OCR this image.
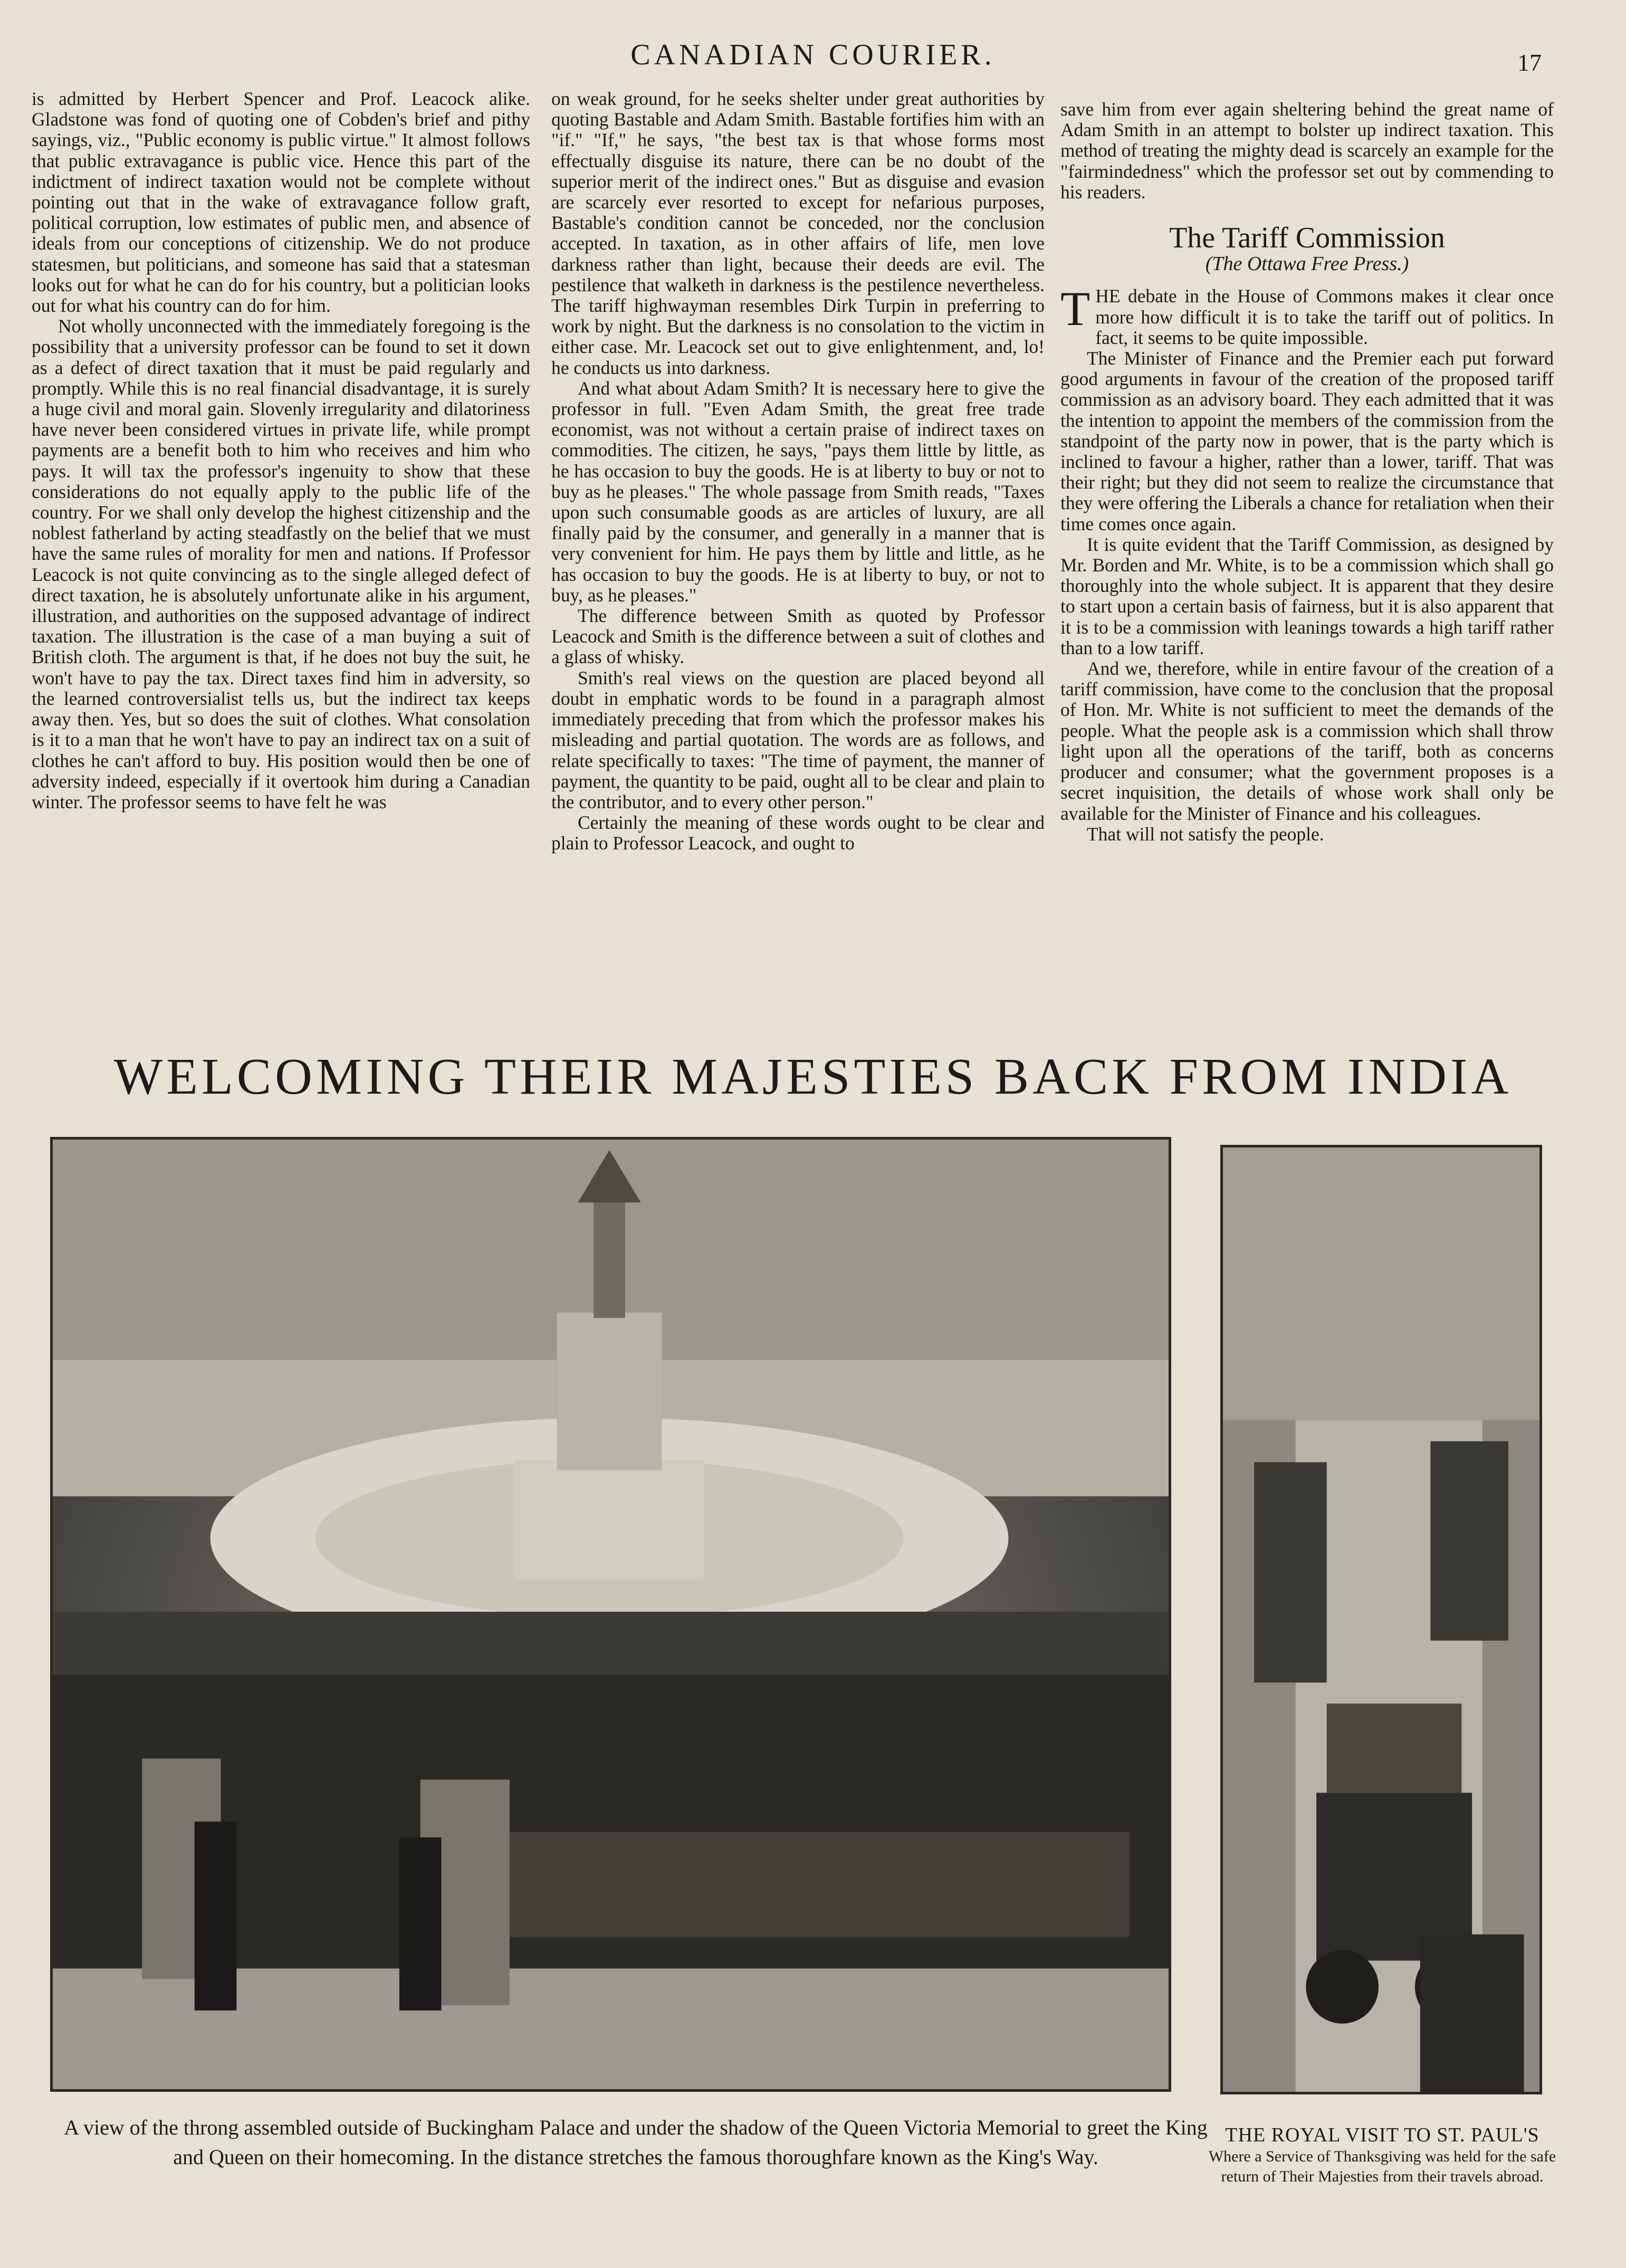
CANADIAN COURIER.	17

is admitted by Herbert Spencer and Prof. Leacock alike. Gladstone was fond of quoting one of Cobden's brief and pithy sayings, viz., "Public economy is public virtue." It almost follows that public extravagance is public vice. Hence this part of the indictment of indirect taxation would not be complete without pointing out that in the wake of extravagance follow graft, political corruption, low estimates of public men, and absence of ideals from our conceptions of citizenship. We do not produce statesmen, but politicians, and someone has said that a statesman looks out for what he can do for his country, but a politician looks out for what his country can do for him.

Not wholly unconnected with the immediately foregoing is the possibility that a university professor can be found to set it down as a defect of direct taxation that it must be paid regularly and promptly. While this is no real financial disadvantage, it is surely a huge civil and moral gain. Slovenly irregularity and dilatoriness have never been considered virtues in private life, while prompt payments are a benefit both to him who receives and him who pays. It will tax the professor's ingenuity to show that these considerations do not equally apply to the public life of the country. For we shall only develop the highest citizenship and the noblest fatherland by acting steadfastly on the belief that we must have the same rules of morality for men and nations. If Professor Leacock is not quite convincing as to the single alleged defect of direct taxation, he is absolutely unfortunate alike in his argument, illustration, and authorities on the supposed advantage of indirect taxation. The illustration is the case of a man buying a suit of British cloth. The argument is that, if he does not buy the suit, he won't have to pay the tax. Direct taxes find him in adversity, so the learned controversialist tells us, but the indirect tax keeps away then. Yes, but so does the suit of clothes. What consolation is it to a man that he won't have to pay an indirect tax on a suit of clothes he can't afford to buy. His position would then be one of adversity indeed, especially if it overtook him during a Canadian winter. The professor seems to have felt he was

on weak ground, for he seeks shelter under great authorities by quoting Bastable and Adam Smith. Bastable fortifies him with an "if." "If," he says, "the best tax is that whose forms most effectually disguise its nature, there can be no doubt of the superior merit of the indirect ones." But as disguise and evasion are scarcely ever resorted to except for nefarious purposes, Bastable's condition cannot be conceded, nor the conclusion accepted. In taxation, as in other affairs of life, men love darkness rather than light, because their deeds are evil. The pestilence that walketh in darkness is the pestilence nevertheless. The tariff highwayman resembles Dirk Turpin in preferring to work by night. But the darkness is no consolation to the victim in either case. Mr. Leacock set out to give enlightenment, and, lo! he conducts us into darkness.

And what about Adam Smith? It is necessary here to give the professor in full. "Even Adam Smith, the great free trade economist, was not without a certain praise of indirect taxes on commodities. The citizen, he says, "pays them little by little, as he has occasion to buy the goods. He is at liberty to buy or not to buy as he pleases." The whole passage from Smith reads, "Taxes upon such consumable goods as are articles of luxury, are all finally paid by the consumer, and generally in a manner that is very convenient for him. He pays them by little and little, as he has occasion to buy the goods. He is at liberty to buy, or not to buy, as he pleases."

The difference between Smith as quoted by Professor Leacock and Smith is the difference between a suit of clothes and a glass of whisky.

Smith's real views on the question are placed beyond all doubt in emphatic words to be found in a paragraph almost immediately preceding that from which the professor makes his misleading and partial quotation. The words are as follows, and relate specifically to taxes: "The time of payment, the manner of payment, the quantity to be paid, ought all to be clear and plain to the contributor, and to every other person."

Certainly the meaning of these words ought to be clear and plain to Professor Leacock, and ought to

save him from ever again sheltering behind the great name of Adam Smith in an attempt to bolster up indirect taxation. This method of treating the mighty dead is scarcely an example for the "fairmindedness" which the professor set out by commending to his readers.

The Tariff Commission
(The Ottawa Free Press.)

THE debate in the House of Commons makes it clear once more how difficult it is to take the tariff out of politics. In fact, it seems to be quite impossible.

The Minister of Finance and the Premier each put forward good arguments in favour of the creation of the proposed tariff commission as an advisory board. They each admitted that it was the intention to appoint the members of the commission from the standpoint of the party now in power, that is the party which is inclined to favour a higher, rather than a lower, tariff. That was their right; but they did not seem to realize the circumstance that they were offering the Liberals a chance for retaliation when their time comes once again.

It is quite evident that the Tariff Commission, as designed by Mr. Borden and Mr. White, is to be a commission which shall go thoroughly into the whole subject. It is apparent that they desire to start upon a certain basis of fairness, but it is also apparent that it is to be a commission with leanings towards a high tariff rather than to a low tariff.

And we, therefore, while in entire favour of the creation of a tariff commission, have come to the conclusion that the proposal of Hon. Mr. White is not sufficient to meet the demands of the people. What the people ask is a commission which shall throw light upon all the operations of the tariff, both as concerns producer and consumer; what the government proposes is a secret inquisition, the details of whose work shall only be available for the Minister of Finance and his colleagues.

That will not satisfy the people.

WELCOMING THEIR MAJESTIES BACK FROM INDIA
A view of the throng assembled outside of Buckingham Palace and under the shadow of the Queen Victoria Memorial to greet the King and Queen on their homecoming. In the distance stretches the famous thoroughfare known as the King's Way.
THE ROYAL VISIT TO ST. PAUL'S
Where a Service of Thanksgiving was held for the safe return of Their Majesties from their travels abroad.
